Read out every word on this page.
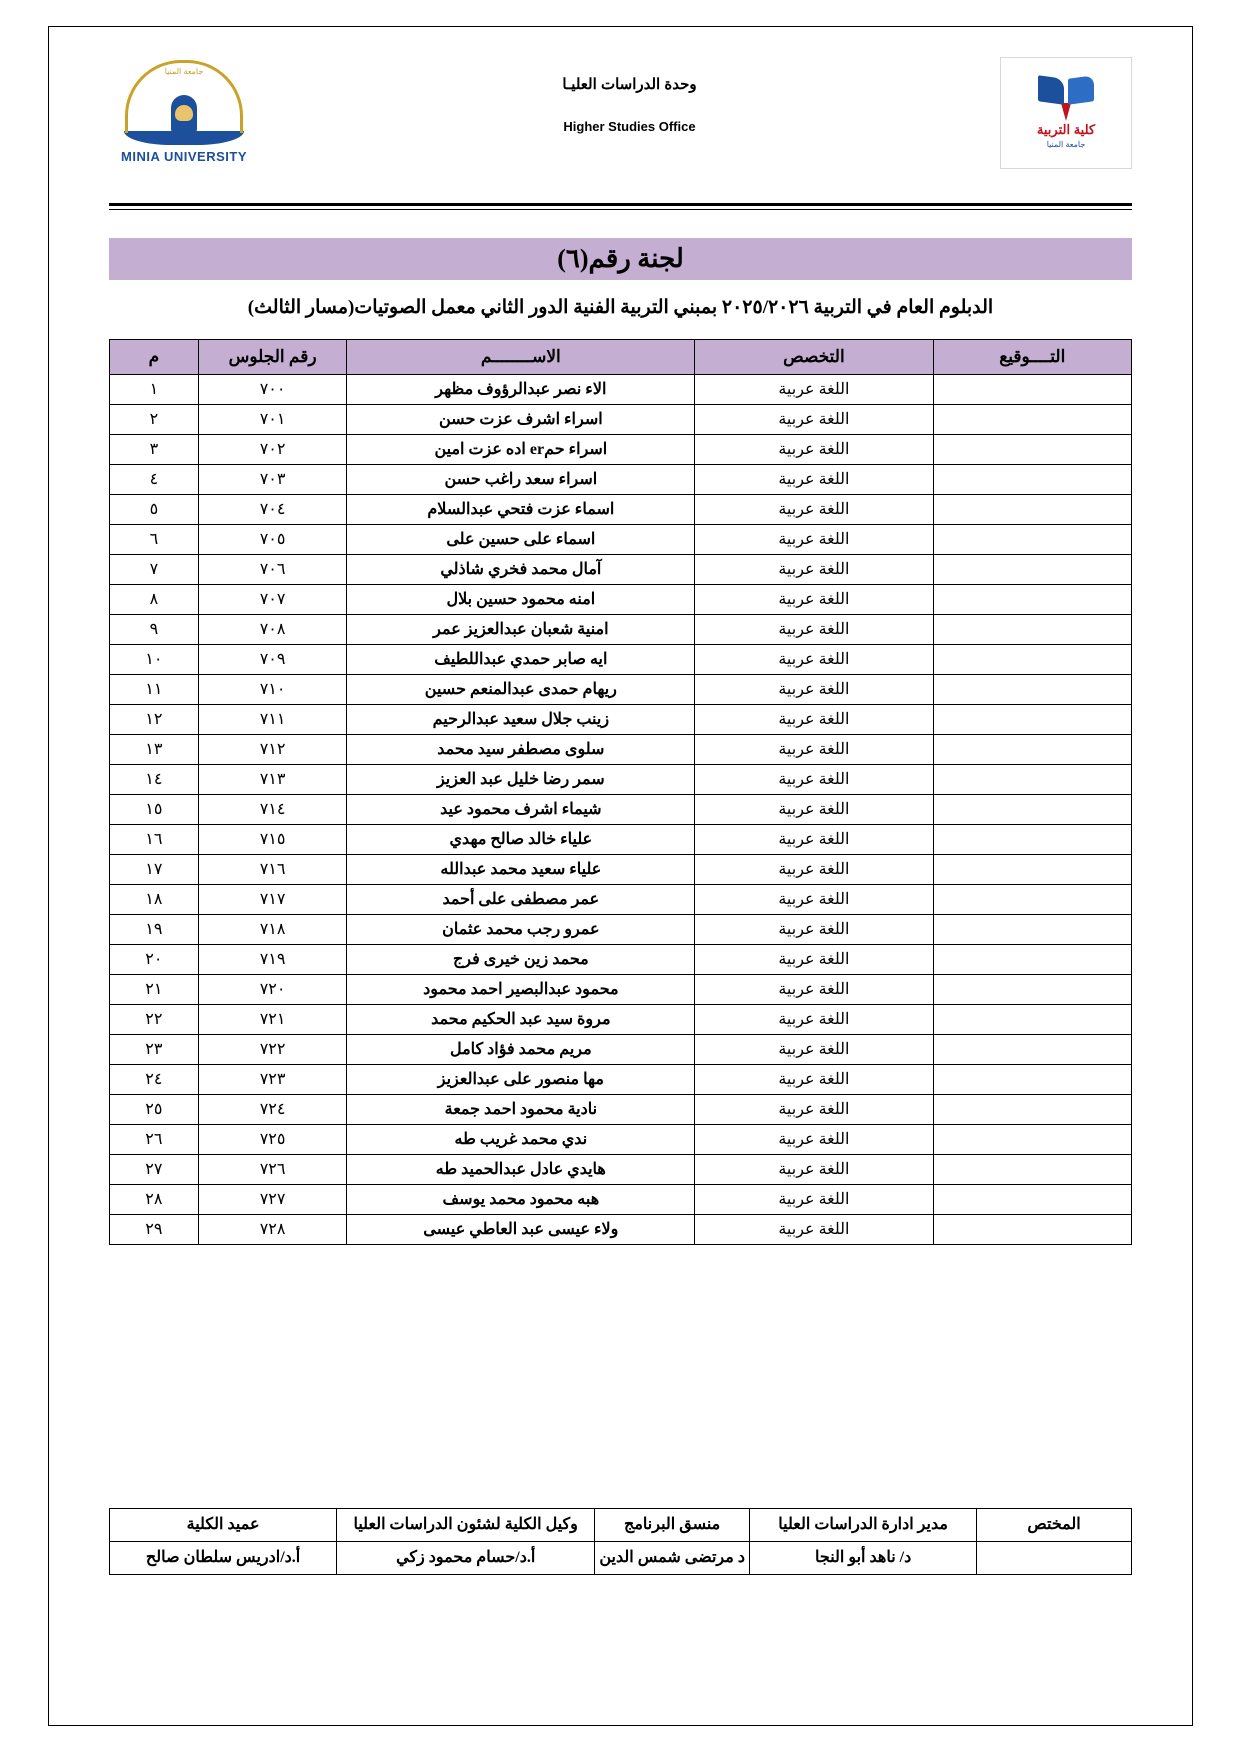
كلية التربية
جامعة المنيا
وحدة الدراسات العليـا
Higher Studies Office
جامعة المنيا
MINIA UNIVERSITY
لجنة رقم(٦)
الدبلوم العام في التربية ٢٠٢٥/٢٠٢٦ بمبني التربية الفنية الدور الثاني معمل الصوتيات(مسار الثالث)
التــــوقيع	التخصص	الاســــــــم	رقم الجلوس	م
	اللغة عربية	الاء نصر عبدالرؤوف مظهر	٧٠٠	١
	اللغة عربية	اسراء اشرف عزت حسن	٧٠١	٢
	اللغة عربية	اسراء حمer اده عزت امين	٧٠٢	٣
	اللغة عربية	اسراء سعد راغب حسن	٧٠٣	٤
	اللغة عربية	اسماء عزت فتحي عبدالسلام	٧٠٤	٥
	اللغة عربية	اسماء على حسين على	٧٠٥	٦
	اللغة عربية	آمال محمد فخري شاذلي	٧٠٦	٧
	اللغة عربية	امنه محمود حسين بلال	٧٠٧	٨
	اللغة عربية	امنية شعبان عبدالعزيز عمر	٧٠٨	٩
	اللغة عربية	ايه صابر حمدي عبداللطيف	٧٠٩	١٠
	اللغة عربية	ريهام حمدى عبدالمنعم حسين	٧١٠	١١
	اللغة عربية	زينب جلال سعيد عبدالرحيم	٧١١	١٢
	اللغة عربية	سلوى مصطفر سيد محمد	٧١٢	١٣
	اللغة عربية	سمر رضا خليل عبد العزيز	٧١٣	١٤
	اللغة عربية	شيماء اشرف محمود عيد	٧١٤	١٥
	اللغة عربية	علياء خالد صالح مهدي	٧١٥	١٦
	اللغة عربية	علياء سعيد محمد عبدالله	٧١٦	١٧
	اللغة عربية	عمر مصطفى على أحمد	٧١٧	١٨
	اللغة عربية	عمرو رجب محمد عثمان	٧١٨	١٩
	اللغة عربية	محمد زين خيرى فرج	٧١٩	٢٠
	اللغة عربية	محمود عبدالبصير احمد محمود	٧٢٠	٢١
	اللغة عربية	مروة سيد عبد الحكيم محمد	٧٢١	٢٢
	اللغة عربية	مريم محمد فؤاد كامل	٧٢٢	٢٣
	اللغة عربية	مها منصور على عبدالعزيز	٧٢٣	٢٤
	اللغة عربية	نادية محمود احمد جمعة	٧٢٤	٢٥
	اللغة عربية	ندي محمد غريب طه	٧٢٥	٢٦
	اللغة عربية	هايدي عادل عبدالحميد طه	٧٢٦	٢٧
	اللغة عربية	هبه محمود محمد يوسف	٧٢٧	٢٨
	اللغة عربية	ولاء عيسى عبد العاطي عيسى	٧٢٨	٢٩
المختص	مدير ادارة الدراسات العليا	منسق البرنامج	وكيل الكلية لشئون الدراسات العليا	عميد الكلية
	د/ ناهد أبو النجا	د مرتضى شمس الدين	أ.د/حسام محمود زكي	أ.د/ادريس سلطان صالح
